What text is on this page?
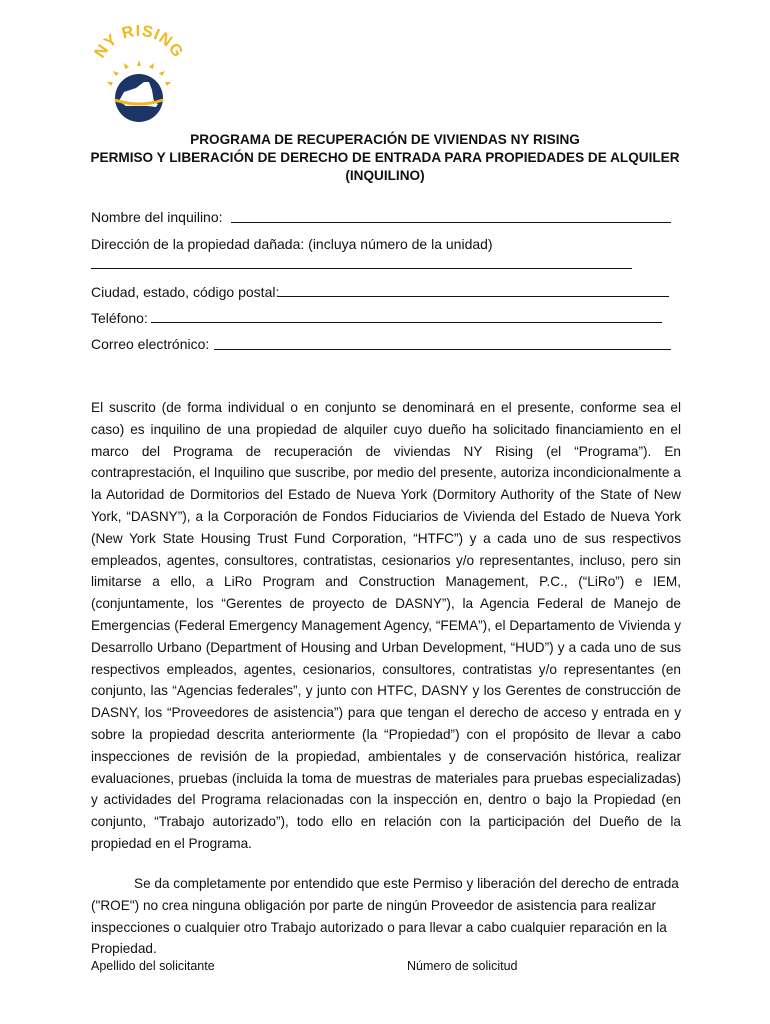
NY RISING
PROGRAMA DE RECUPERACIÓN DE VIVIENDAS NY RISING
PERMISO Y LIBERACIÓN DE DERECHO DE ENTRADA PARA PROPIEDADES DE ALQUILER
(INQUILINO)
Nombre del inquilino:
Dirección de la propiedad dañada: (incluya número de la unidad)
Ciudad, estado, código postal:
Teléfono:
Correo electrónico:

El suscrito (de forma individual o en conjunto se denominará en el presente, conforme sea el caso) es inquilino de una propiedad de alquiler cuyo dueño ha solicitado financiamiento en el marco del Programa de recuperación de viviendas NY Rising (el “Programa”). En contraprestación, el Inquilino que suscribe, por medio del presente, autoriza incondicionalmente a la Autoridad de Dormitorios del Estado de Nueva York (Dormitory Authority of the State of New York, “DASNY”), a la Corporación de Fondos Fiduciarios de Vivienda del Estado de Nueva York (New York State Housing Trust Fund Corporation, “HTFC”) y a cada uno de sus respectivos empleados, agentes, consultores, contratistas, cesionarios y/o representantes, incluso, pero sin limitarse a ello, a LiRo Program and Construction Management, P.C., (“LiRo”) e IEM, (conjuntamente, los “Gerentes de proyecto de DASNY”), la Agencia Federal de Manejo de Emergencias (Federal Emergency Management Agency, “FEMA”), el Departamento de Vivienda y Desarrollo Urbano (Department of Housing and Urban Development, “HUD”) y a cada uno de sus respectivos empleados, agentes, cesionarios, consultores, contratistas y/o representantes (en conjunto, las “Agencias federales”, y junto con HTFC, DASNY y los Gerentes de construcción de DASNY, los “Proveedores de asistencia”) para que tengan el derecho de acceso y entrada en y sobre la propiedad descrita anteriormente (la “Propiedad”) con el propósito de llevar a cabo inspecciones de revisión de la propiedad, ambientales y de conservación histórica, realizar evaluaciones, pruebas (incluida la toma de muestras de materiales para pruebas especializadas) y actividades del Programa relacionadas con la inspección en, dentro o bajo la Propiedad (en conjunto, “Trabajo autorizado”), todo ello en relación con la participación del Dueño de la propiedad en el Programa.

Se da completamente por entendido que este Permiso y liberación del derecho de entrada ("ROE") no crea ninguna obligación por parte de ningún Proveedor de asistencia para realizar inspecciones o cualquier otro Trabajo autorizado o para llevar a cabo cualquier reparación en la Propiedad.

Apellido del solicitante	Número de solicitud
